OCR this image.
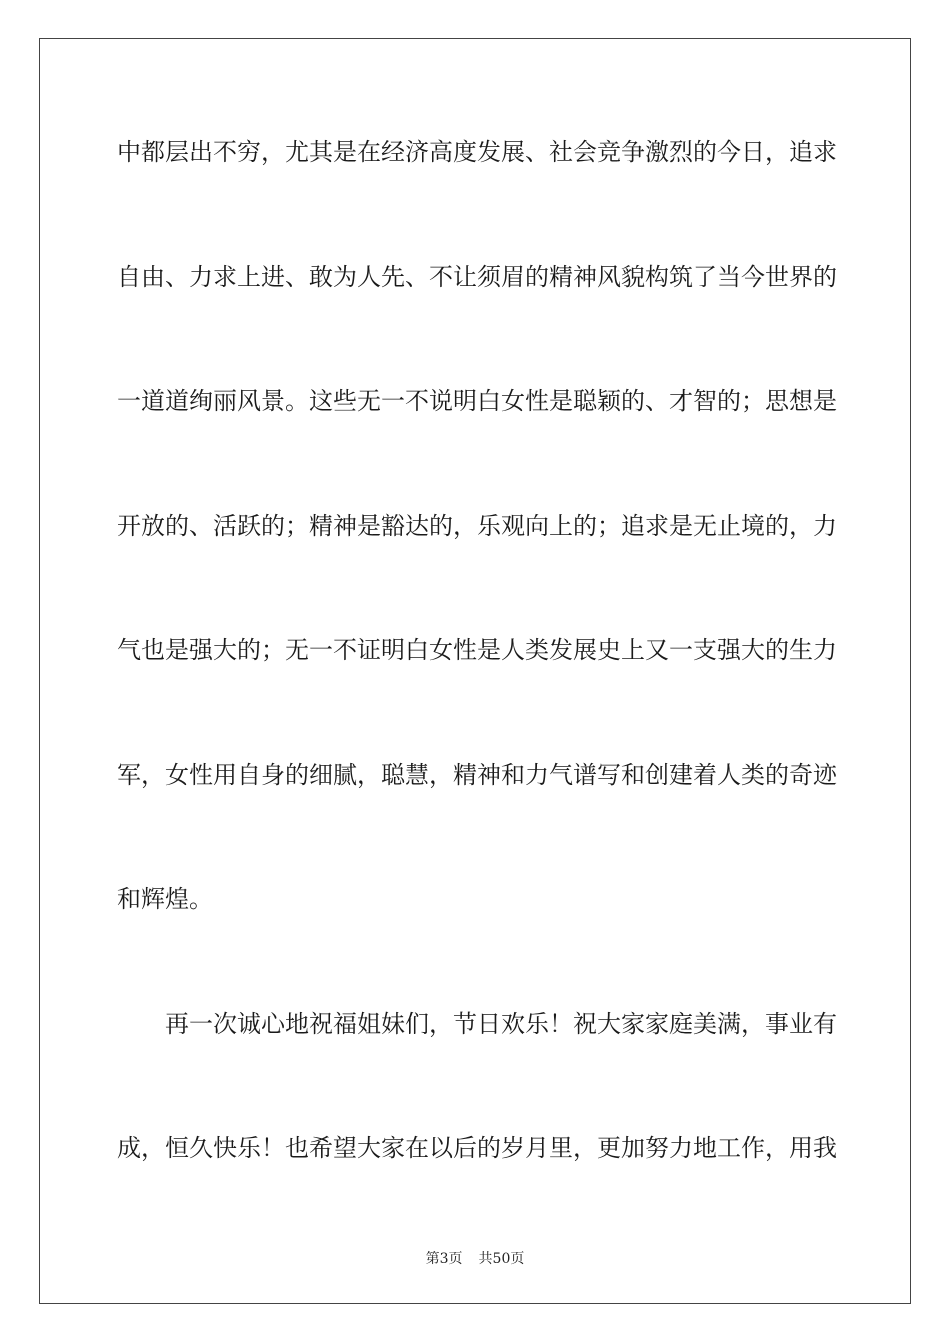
中都层出不穷，尤其是在经济高度发展、社会竞争激烈的今日，追求
自由、力求上进、敢为人先、不让须眉的精神风貌构筑了当今世界的
一道道绚丽风景。这些无一不说明白女性是聪颖的、才智的；思想是
开放的、活跃的；精神是豁达的，乐观向上的；追求是无止境的，力
气也是强大的；无一不证明白女性是人类发展史上又一支强大的生力
军，女性用自身的细腻，聪慧，精神和力气谱写和创建着人类的奇迹
和辉煌。
再一次诚心地祝福姐妹们，节日欢乐！祝大家家庭美满，事业有
成，恒久快乐！也希望大家在以后的岁月里，更加努力地工作，用我
第3页 共50页
